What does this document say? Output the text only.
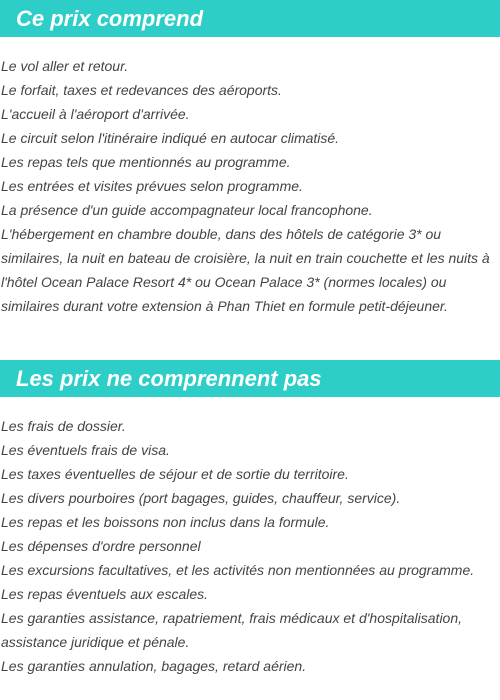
Ce prix comprend
Le vol aller et retour.
Le forfait, taxes et redevances des aéroports.
L'accueil à l'aéroport d'arrivée.
Le circuit selon l'itinéraire indiqué en autocar climatisé.
Les repas tels que mentionnés au programme.
Les entrées et visites prévues selon programme.
La présence d'un guide accompagnateur local francophone.
L'hébergement en chambre double, dans des hôtels de catégorie 3* ou similaires, la nuit en bateau de croisière, la nuit en train couchette et les nuits à l'hôtel Ocean Palace Resort 4* ou Ocean Palace 3* (normes locales) ou similaires durant votre extension à Phan Thiet en formule petit-déjeuner.
Les prix ne comprennent pas
Les frais de dossier.
Les éventuels frais de visa.
Les taxes éventuelles de séjour et de sortie du territoire.
Les divers pourboires (port bagages, guides, chauffeur, service).
Les repas et les boissons non inclus dans la formule.
Les dépenses d'ordre personnel
Les excursions facultatives, et les activités non mentionnées au programme.
Les repas éventuels aux escales.
Les garanties assistance, rapatriement, frais médicaux et d'hospitalisation, assistance juridique et pénale.
Les garanties annulation, bagages, retard aérien.
